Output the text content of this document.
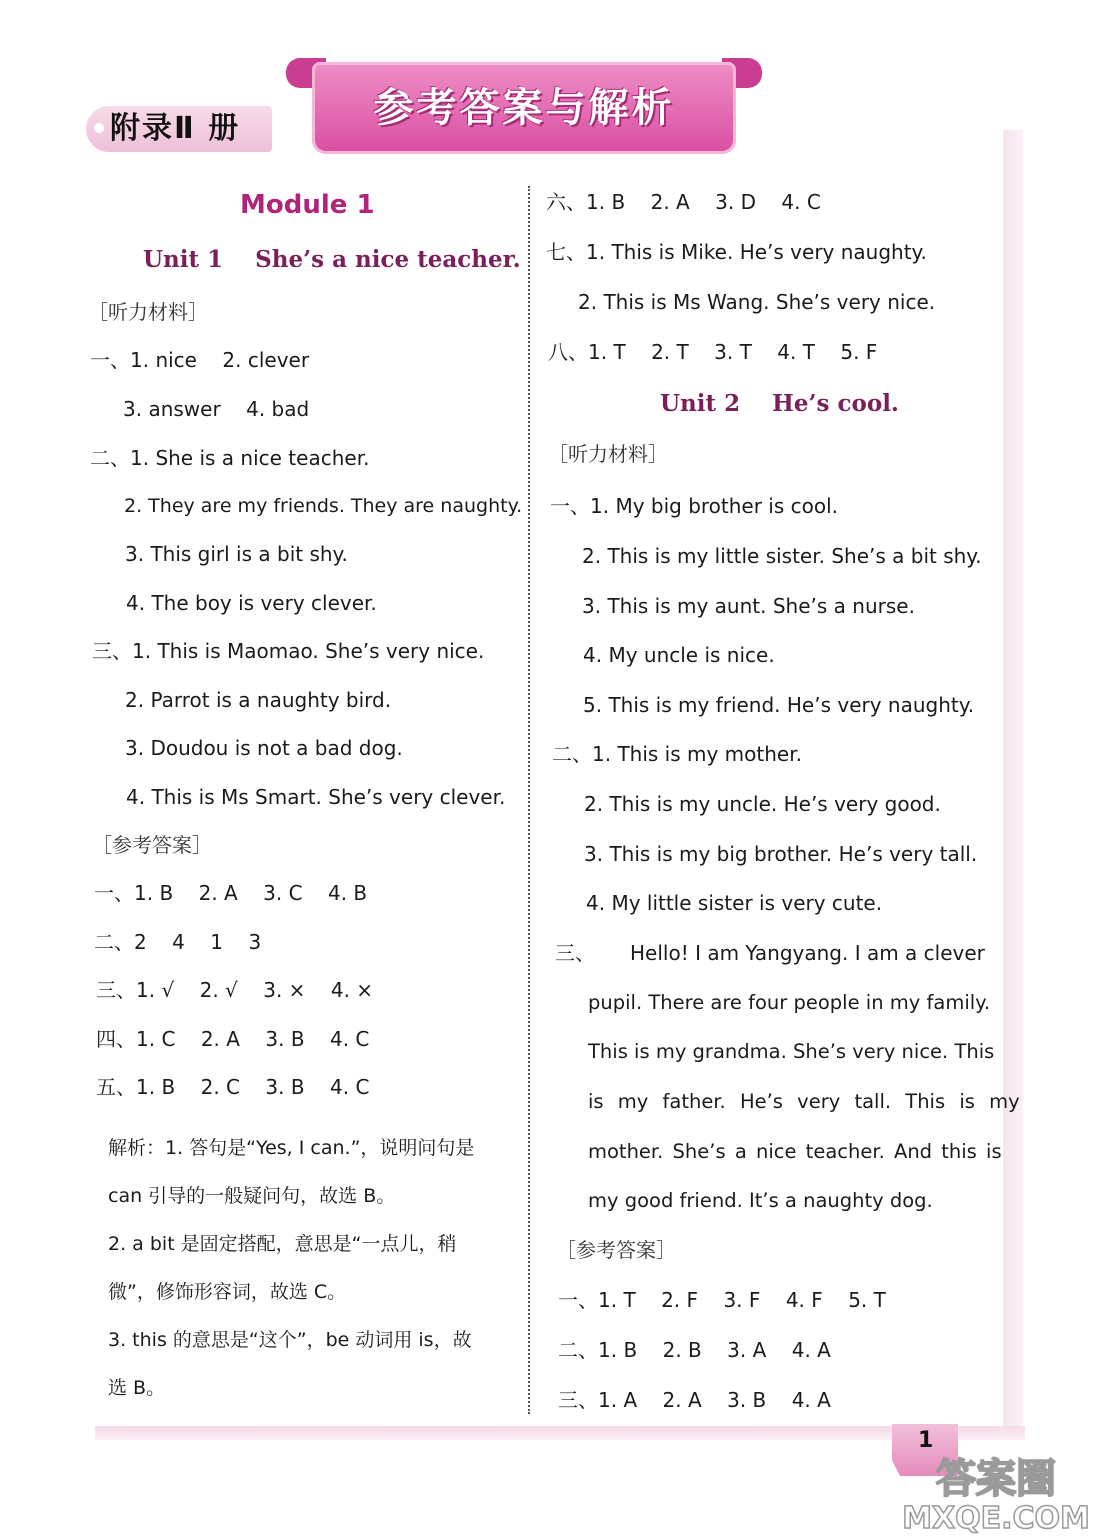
附录Ⅱ 册	参考答案与解析
Module 1
Unit 1    She’s a nice teacher.
［听力材料］
一、1. nice    2. clever
3. answer    4. bad
二、1. She is a nice teacher.
2. They are my friends. They are naughty.
3. This girl is a bit shy.
4. The boy is very clever.
三、1. This is Maomao. She’s very nice.
2. Parrot is a naughty bird.
3. Doudou is not a bad dog.
4. This is Ms Smart. She’s very clever.
［参考答案］
一、1. B    2. A    3. C    4. B
二、2    4    1    3
三、1. √    2. √    3. ×    4. ×
四、1. C    2. A    3. B    4. C
五、1. B    2. C    3. B    4. C
解析：1. 答句是“Yes, I can.”，说明问句是
can 引导的一般疑问句，故选 B。
2. a bit 是固定搭配，意思是“一点儿，稍
微”，修饰形容词，故选 C。
3. this 的意思是“这个”，be 动词用 is，故
选 B。
六、1. B    2. A    3. D    4. C
七、1. This is Mike. He’s very naughty.
2. This is Ms Wang. She’s very nice.
八、1. T    2. T    3. T    4. T    5. F
Unit 2    He’s cool.
［听力材料］
一、1. My big brother is cool.
2. This is my little sister. She’s a bit shy.
3. This is my aunt. She’s a nurse.
4. My uncle is nice.
5. This is my friend. He’s very naughty.
二、1. This is my mother.
2. This is my uncle. He’s very good.
3. This is my big brother. He’s very tall.
4. My little sister is very cute.
三、 Hello! I am Yangyang. I am a clever
pupil. There are four people in my family.
This is my grandma. She’s very nice. This
is my father. He’s very tall. This is my
mother. She’s a nice teacher. And this is
my good friend. It’s a naughty dog.
［参考答案］
一、1. T    2. F    3. F    4. F    5. T
二、1. B    2. B    3. A    4. A
三、1. A    2. A    3. B    4. A
1
答案圈
MXQE.COM
